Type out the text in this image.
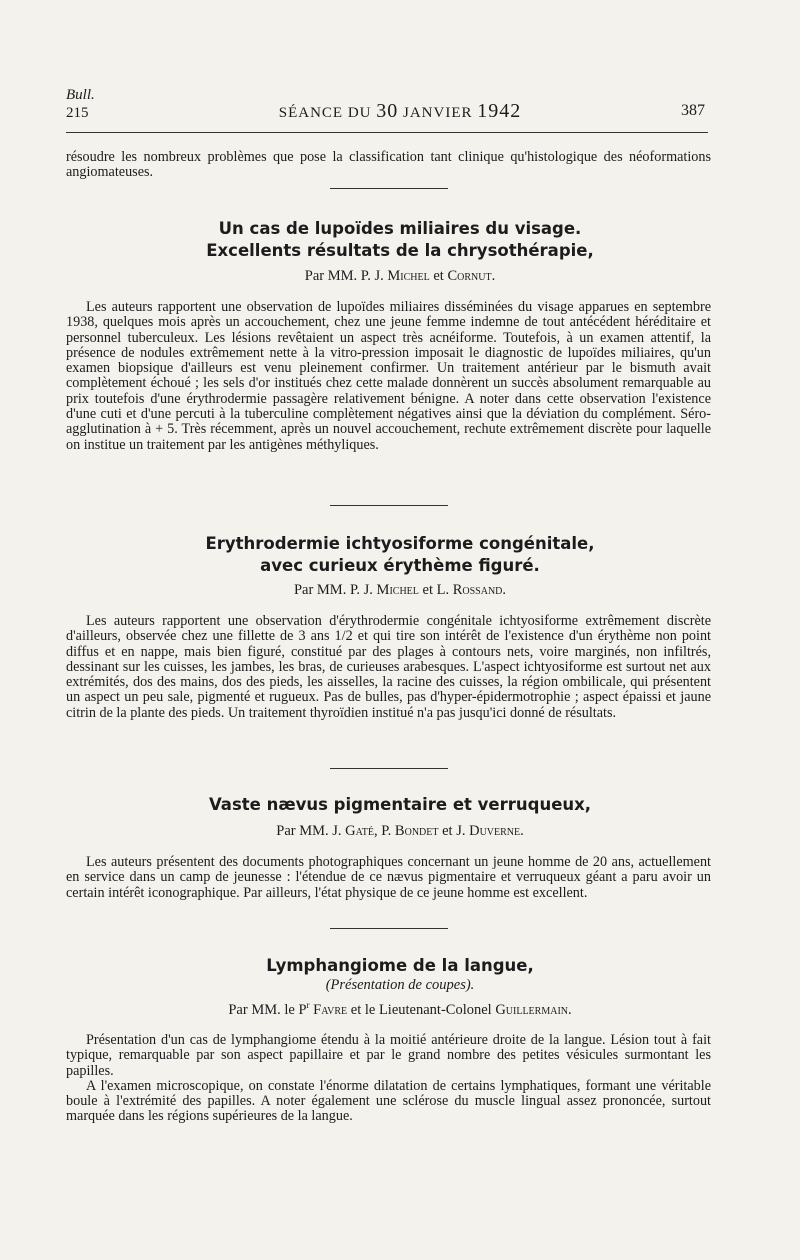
Bull.
215	SÉANCE DU 30 JANVIER 1942	387

résoudre les nombreux problèmes que pose la classification tant clinique qu'histologique des néoformations angiomateuses.

Un cas de lupoïdes miliaires du visage.
Excellents résultats de la chrysothérapie,
Par MM. P. J. Michel et Cornut.

Les auteurs rapportent une observation de lupoïdes miliaires disséminées du visage apparues en septembre 1938, quelques mois après un accouchement, chez une jeune femme indemne de tout antécédent héréditaire et personnel tuberculeux. Les lésions revêtaient un aspect très acnéiforme. Toutefois, à un examen attentif, la présence de nodules extrêmement nette à la vitro-pression imposait le diagnostic de lupoïdes miliaires, qu'un examen biopsique d'ailleurs est venu pleinement confirmer. Un traitement antérieur par le bismuth avait complètement échoué ; les sels d'or institués chez cette malade donnèrent un succès absolument remarquable au prix toutefois d'une érythrodermie passagère relativement bénigne. A noter dans cette observation l'existence d'une cuti et d'une percuti à la tuberculine complètement négatives ainsi que la déviation du complément. Séro-agglutination à + 5. Très récemment, après un nouvel accouchement, rechute extrêmement discrète pour laquelle on institue un traitement par les antigènes méthyliques.

Erythrodermie ichtyosiforme congénitale,
avec curieux érythème figuré.
Par MM. P. J. Michel et L. Rossand.

Les auteurs rapportent une observation d'érythrodermie congénitale ichtyosiforme extrêmement discrète d'ailleurs, observée chez une fillette de 3 ans 1/2 et qui tire son intérêt de l'existence d'un érythème non point diffus et en nappe, mais bien figuré, constitué par des plages à contours nets, voire marginés, non infiltrés, dessinant sur les cuisses, les jambes, les bras, de curieuses arabesques. L'aspect ichtyosiforme est surtout net aux extrémités, dos des mains, dos des pieds, les aisselles, la racine des cuisses, la région ombilicale, qui présentent un aspect un peu sale, pigmenté et rugueux. Pas de bulles, pas d'hyper-épidermotrophie ; aspect épaissi et jaune citrin de la plante des pieds. Un traitement thyroïdien institué n'a pas jusqu'ici donné de résultats.

Vaste nævus pigmentaire et verruqueux,
Par MM. J. Gaté, P. Bondet et J. Duverne.

Les auteurs présentent des documents photographiques concernant un jeune homme de 20 ans, actuellement en service dans un camp de jeunesse : l'étendue de ce nævus pigmentaire et verruqueux géant a paru avoir un certain intérêt iconographique. Par ailleurs, l'état physique de ce jeune homme est excellent.

Lymphangiome de la langue,
(Présentation de coupes).
Par MM. le $P^r$ Favre et le Lieutenant-Colonel Guillermain.

Présentation d'un cas de lymphangiome étendu à la moitié antérieure droite de la langue. Lésion tout à fait typique, remarquable par son aspect papillaire et par le grand nombre des petites vésicules surmontant les papilles.

A l'examen microscopique, on constate l'énorme dilatation de certains lymphatiques, formant une véritable boule à l'extrémité des papilles. A noter également une sclérose du muscle lingual assez prononcée, surtout marquée dans les régions supérieures de la langue.
